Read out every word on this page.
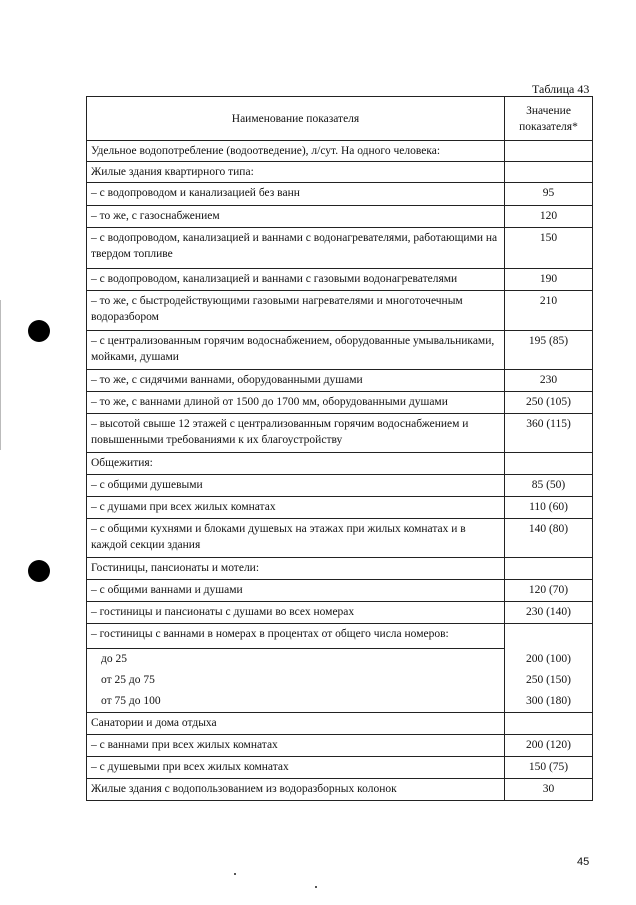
Таблица 43
Наименование показателя	Значение показателя*
Удельное водопотребление (водоотведение), л/сут. На одного человека:	
Жилые здания квартирного типа:	
– с водопроводом и канализацией без ванн	95
– то же, с газоснабжением	120
– с водопроводом, канализацией и ваннами с водонагревателями, работающими на твердом топливе	150
– с водопроводом, канализацией и ваннами с газовыми водонагревателями	190
– то же, с быстродействующими газовыми нагревателями и многоточечным водоразбором	210
– с централизованным горячим водоснабжением, оборудованные умывальниками, мойками, душами	195 (85)
– то же, с сидячими ваннами, оборудованными душами	230
– то же, с ваннами длиной от 1500 до 1700 мм, оборудованными душами	250 (105)
– высотой свыше 12 этажей с централизованным горячим водоснабжением и повышенными требованиями к их благоустройству	360 (115)
Общежития:	
– с общими душевыми	85 (50)
– с душами при всех жилых комнатах	110 (60)
– с общими кухнями и блоками душевых на этажах при жилых комнатах и в каждой секции здания	140 (80)
Гостиницы, пансионаты и мотели:	
– с общими ваннами и душами	120 (70)
– гостиницы и пансионаты с душами во всех номерах	230 (140)
– гостиницы с ваннами в номерах в процентах от общего числа номеров:	
до 25	200 (100)
от 25 до 75	250 (150)
от 75 до 100	300 (180)
Санатории и дома отдыха	
– с ваннами при всех жилых комнатах	200 (120)
– с душевыми при всех жилых комнатах	150 (75)
Жилые здания с водопользованием из водоразборных колонок	30
45
